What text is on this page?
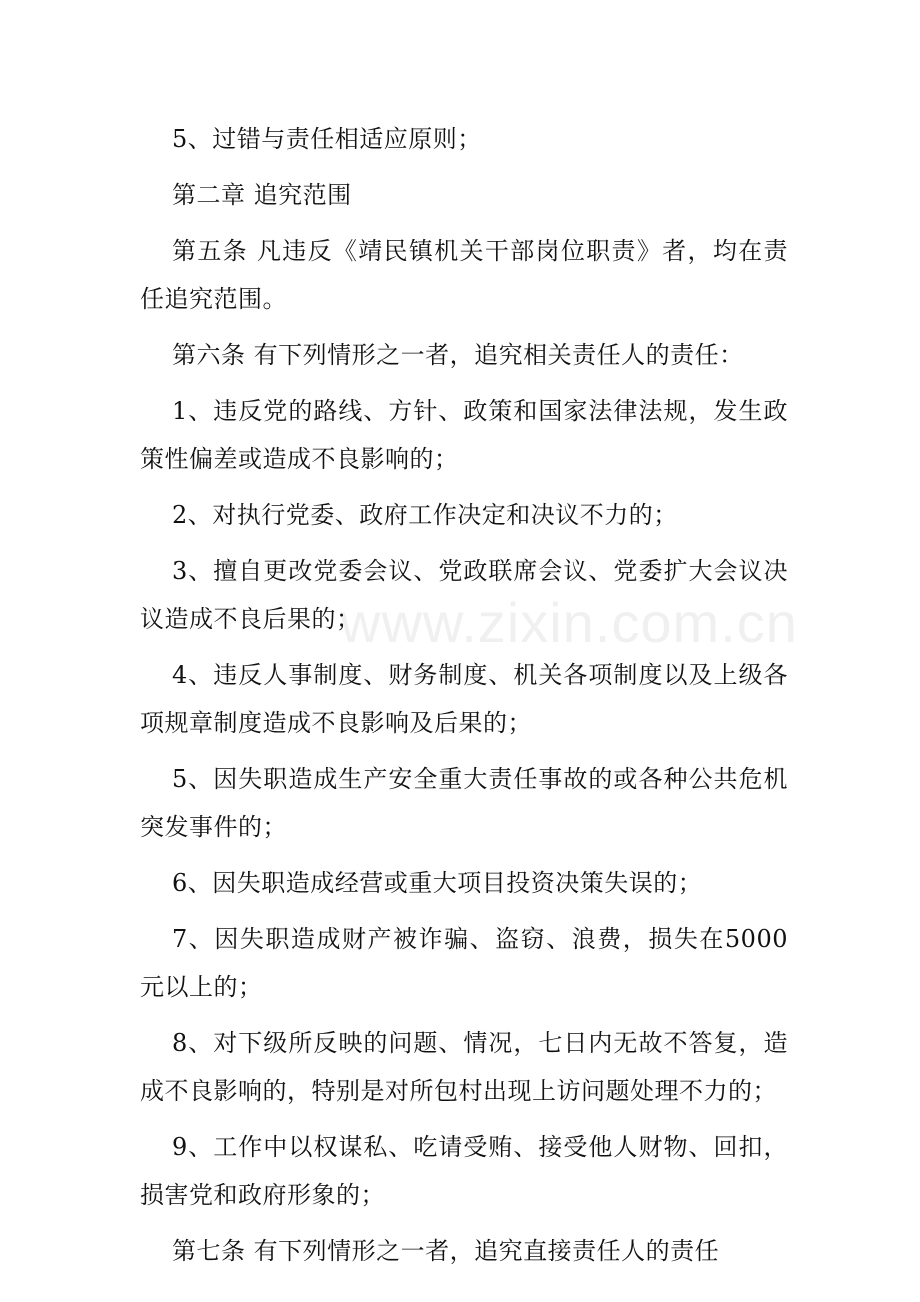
www.zixin.com.cn

5、过错与责任相适应原则；

第二章 追究范围

第五条 凡违反《靖民镇机关干部岗位职责》者，均在责任追究范围。

第六条 有下列情形之一者，追究相关责任人的责任：

1、违反党的路线、方针、政策和国家法律法规，发生政策性偏差或造成不良影响的；

2、对执行党委、政府工作决定和决议不力的；

3、擅自更改党委会议、党政联席会议、党委扩大会议决议造成不良后果的；

4、违反人事制度、财务制度、机关各项制度以及上级各项规章制度造成不良影响及后果的；

5、因失职造成生产安全重大责任事故的或各种公共危机突发事件的；

6、因失职造成经营或重大项目投资决策失误的；

7、因失职造成财产被诈骗、盗窃、浪费，损失在5000元以上的；

8、对下级所反映的问题、情况，七日内无故不答复，造成不良影响的，特别是对所包村出现上访问题处理不力的；

9、工作中以权谋私、吃请受贿、接受他人财物、回扣，损害党和政府形象的；

第七条 有下列情形之一者，追究直接责任人的责任
